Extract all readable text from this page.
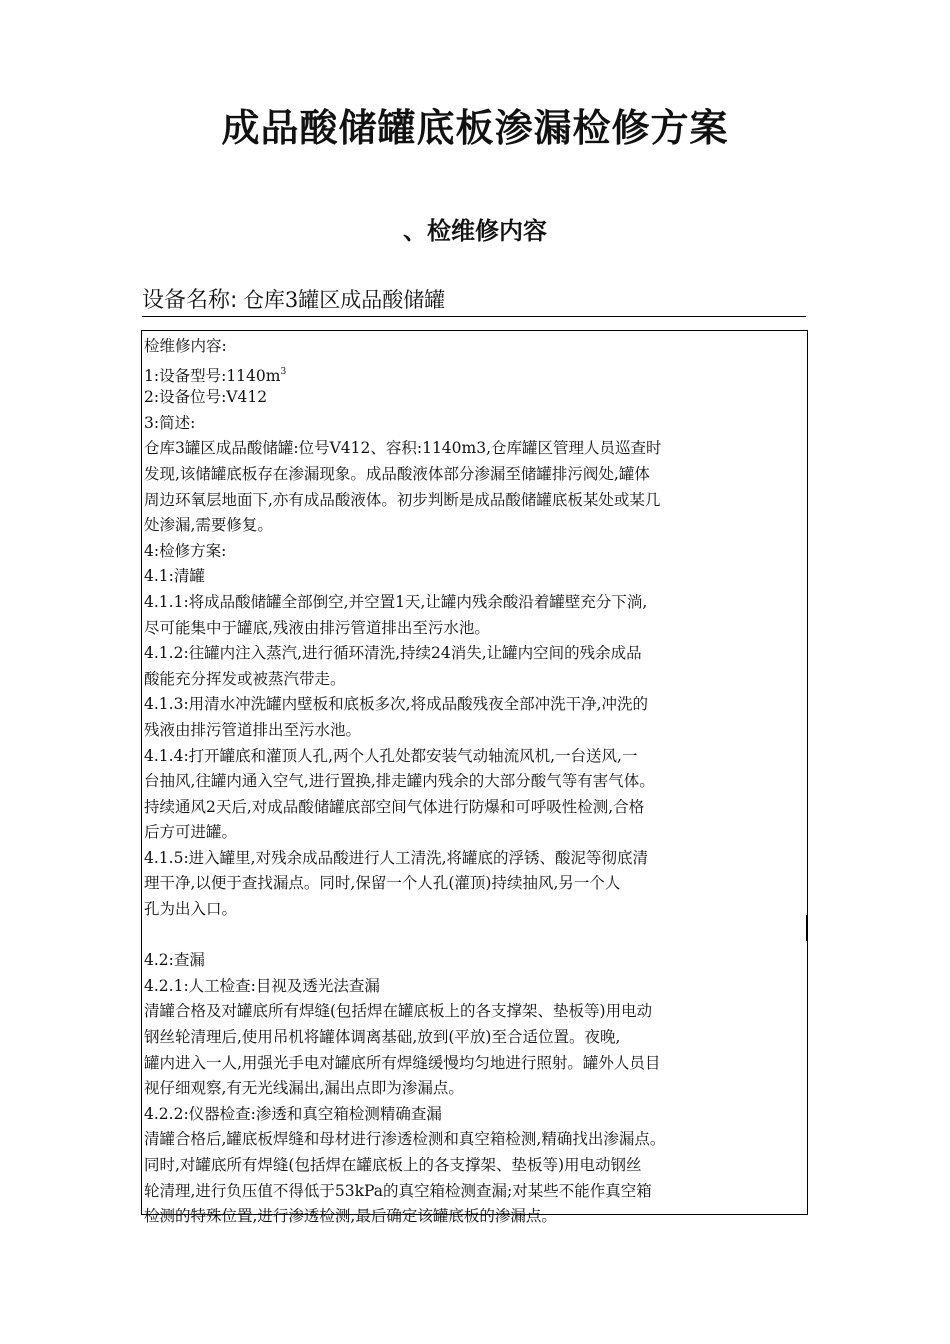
成品酸储罐底板渗漏检修方案
、检维修内容
设备名称: 仓库3罐区成品酸储罐
检维修内容:
1:设备型号$:1140m^3$
2:设备位号:V412
3:简述:
仓库3罐区成品酸储罐:位号V412、容积:1140m3,仓库罐区管理人员巡查时
发现,该储罐底板存在渗漏现象。成品酸液体部分渗漏至储罐排污阀处,罐体
周边环氧层地面下,亦有成品酸液体。初步判断是成品酸储罐底板某处或某几
处渗漏,需要修复。
4:检修方案:
4.1:清罐
4.1.1:将成品酸储罐全部倒空,并空置1天,让罐内残余酸沿着罐壁充分下淌,
尽可能集中于罐底,残液由排污管道排出至污水池。
4.1.2:往罐内注入蒸汽,进行循环清洗,持续24消失,让罐内空间的残余成品
酸能充分挥发或被蒸汽带走。
4.1.3:用清水冲洗罐内壁板和底板多次,将成品酸残夜全部冲洗干净,冲洗的
残液由排污管道排出至污水池。
4.1.4:打开罐底和灌顶人孔,两个人孔处都安装气动轴流风机,一台送风,一
台抽风,往罐内通入空气,进行置换,排走罐内残余的大部分酸气等有害气体。
持续通风2天后,对成品酸储罐底部空间气体进行防爆和可呼吸性检测,合格
后方可进罐。
4.1.5:进入罐里,对残余成品酸进行人工清洗,将罐底的浮锈、酸泥等彻底清
理干净,以便于查找漏点。同时,保留一个人孔(灌顶)持续抽风,另一个人
孔为出入口。
4.2:查漏
4.2.1:人工检查:目视及透光法查漏
清罐合格及对罐底所有焊缝(包括焊在罐底板上的各支撑架、垫板等)用电动
钢丝轮清理后,使用吊机将罐体调离基础,放到(平放)至合适位置。夜晚,
罐内进入一人,用强光手电对罐底所有焊缝缓慢均匀地进行照射。罐外人员目
视仔细观察,有无光线漏出,漏出点即为渗漏点。
4.2.2:仪器检查:渗透和真空箱检测精确查漏
清罐合格后,罐底板焊缝和母材进行渗透检测和真空箱检测,精确找出渗漏点。
同时,对罐底所有焊缝(包括焊在罐底板上的各支撑架、垫板等)用电动钢丝
轮清理,进行负压值不得低于53kPa的真空箱检测查漏;对某些不能作真空箱
检测的特殊位置,进行渗透检测,最后确定该罐底板的渗漏点。
